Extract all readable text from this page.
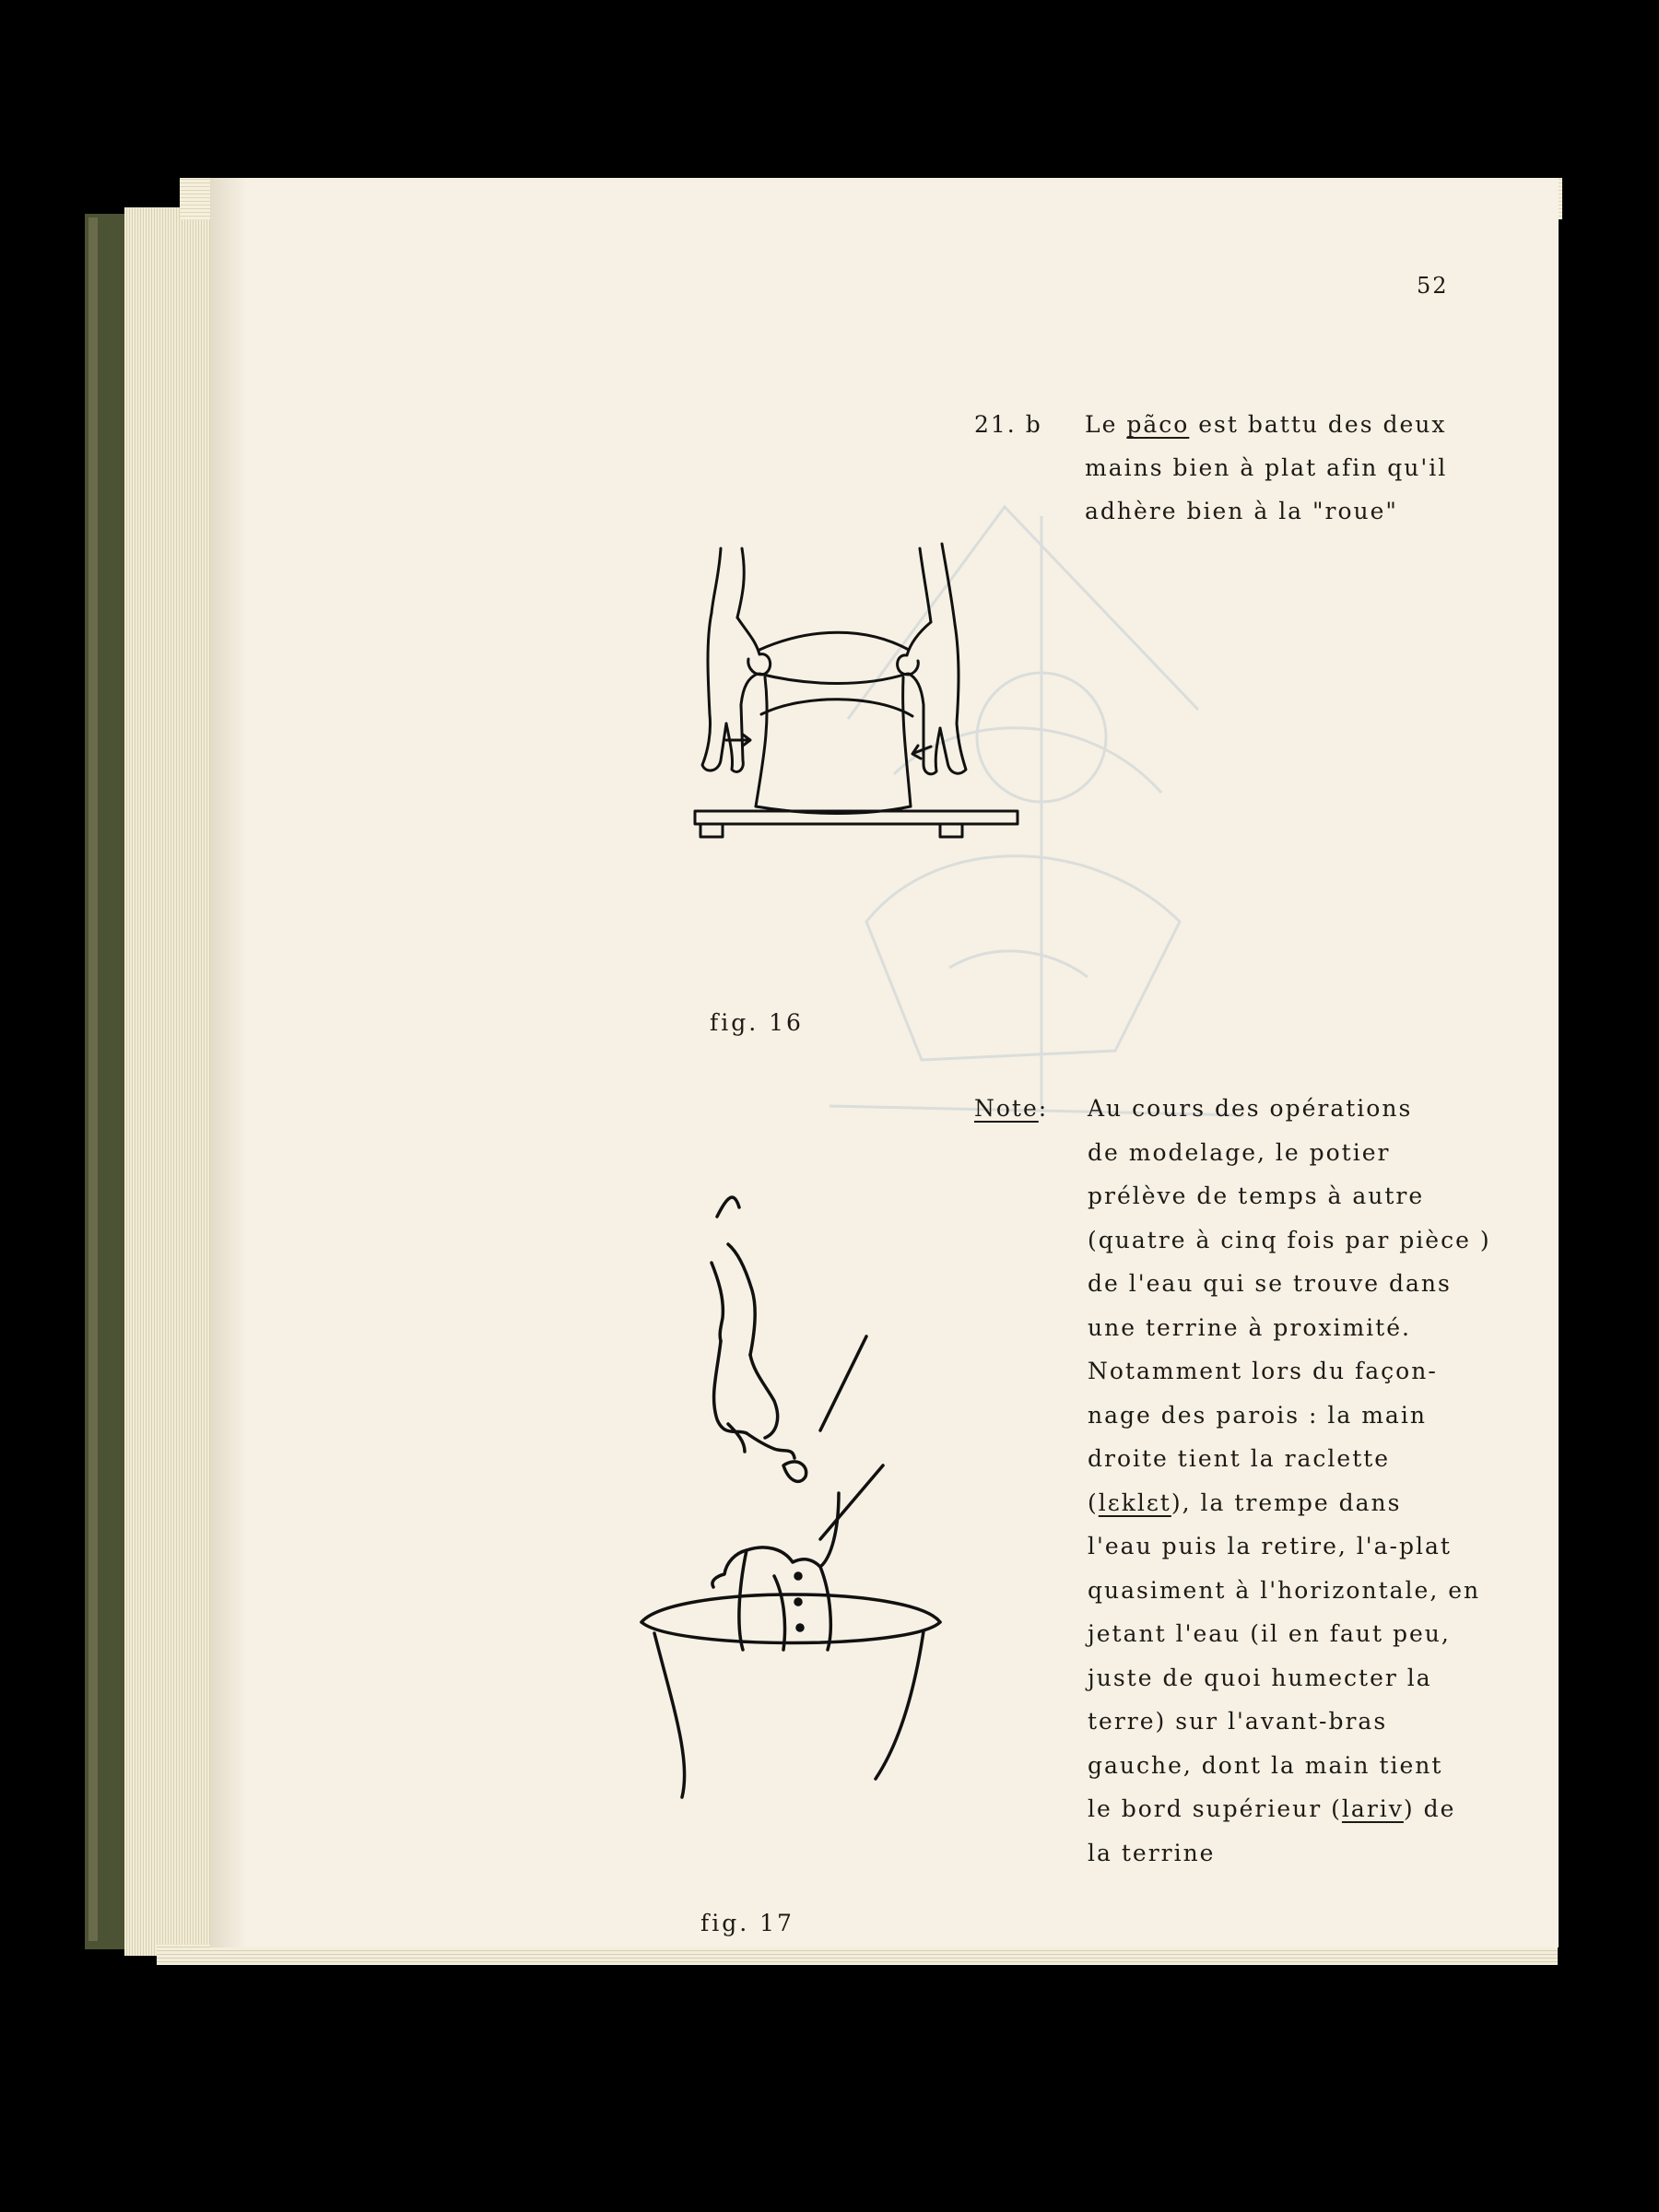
52
21. b Le pãco est battu des deux
mains bien à plat afin qu'il
adhère bien à la "roue"
fig. 16
fig. 17
Note: Au cours des opérations
de modelage, le potier
prélève de temps à autre
(quatre à cinq fois par pièce )
de l'eau qui se trouve dans
une terrine à proximité.
Notamment lors du façon-
nage des parois : la main
droite tient la raclette
(lεklεt), la trempe dans
l'eau puis la retire, l'a-plat
quasiment à l'horizontale, en
jetant l'eau (il en faut peu,
juste de quoi humecter la
terre) sur l'avant-bras
gauche, dont la main tient
le bord supérieur (lariv) de
la terrine
